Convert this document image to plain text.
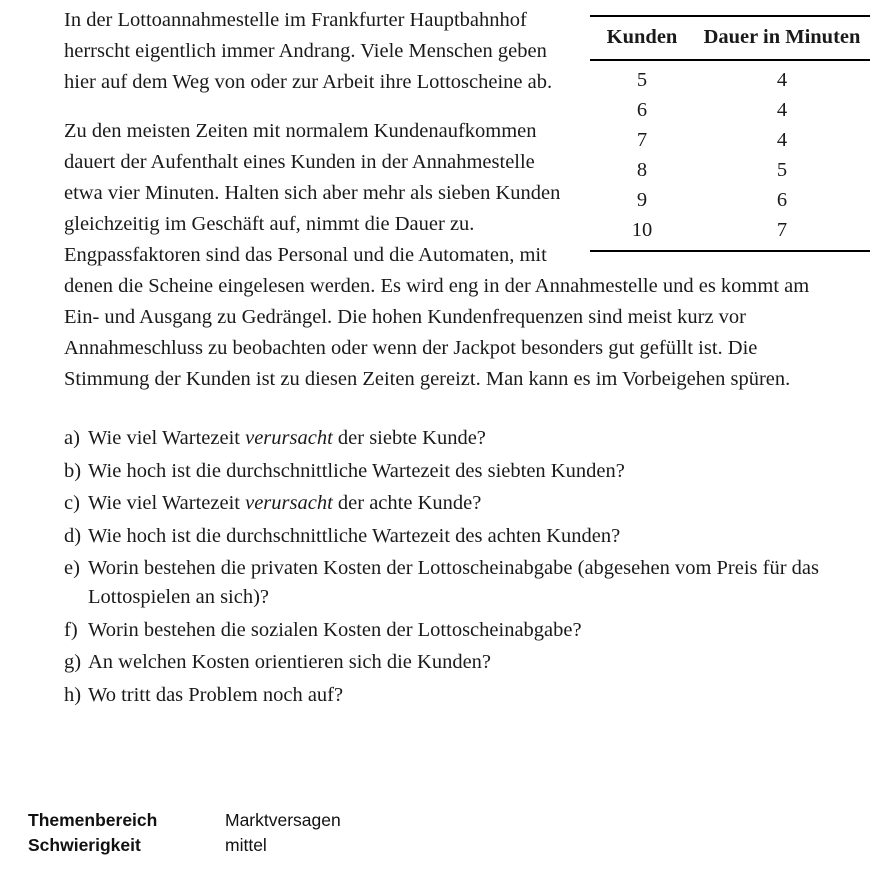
Kunden	Dauer in Minuten
5	4
6	4
7	4
8	5
9	6
10	7

In der Lottoannahmestelle im Frankfurter Hauptbahnhof herrscht eigentlich immer Andrang. Viele Menschen geben hier auf dem Weg von oder zur Arbeit ihre Lottoscheine ab.

Zu den meisten Zeiten mit normalem Kundenaufkommen dauert der Aufenthalt eines Kunden in der Annahmestelle etwa vier Minuten. Halten sich aber mehr als sieben Kunden gleichzeitig im Geschäft auf, nimmt die Dauer zu. Engpassfaktoren sind das Personal und die Automaten, mit denen die Scheine eingelesen werden. Es wird eng in der Annahmestelle und es kommt am Ein- und Ausgang zu Gedrängel. Die hohen Kundenfrequenzen sind meist kurz vor Annahmeschluss zu beobachten oder wenn der Jackpot besonders gut gefüllt ist. Die Stimmung der Kunden ist zu diesen Zeiten gereizt. Man kann es im Vorbeigehen spüren.

a) Wie viel Wartezeit verursacht der siebte Kunde?
b) Wie hoch ist die durchschnittliche Wartezeit des siebten Kunden?
c) Wie viel Wartezeit verursacht der achte Kunde?
d) Wie hoch ist die durchschnittliche Wartezeit des achten Kunden?
e) Worin bestehen die privaten Kosten der Lottoscheinabgabe (abgesehen vom Preis für das Lottospielen an sich)?
f) Worin bestehen die sozialen Kosten der Lottoscheinabgabe?
g) An welchen Kosten orientieren sich die Kunden?
h) Wo tritt das Problem noch auf?
Themenbereich	Marktversagen
Schwierigkeit	mittel
